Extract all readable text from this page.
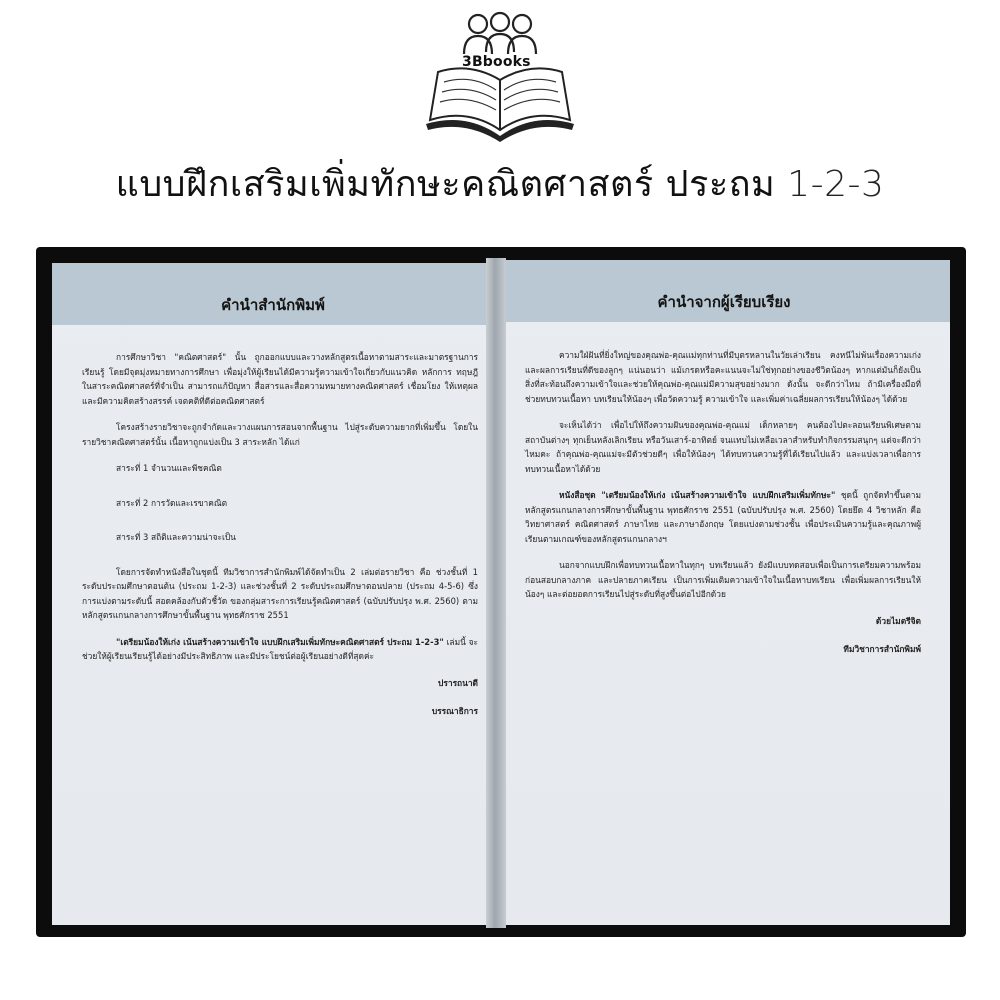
3Bbooks
แบบฝึกเสริมเพิ่มทักษะคณิตศาสตร์ ประถม 1-2-3
คำนำสำนักพิมพ์	คำนำจากผู้เรียบเรียง

การศึกษาวิชา "คณิตศาสตร์" นั้น ถูกออกแบบและวางหลักสูตรเนื้อหาตามสาระและมาตรฐานการเรียนรู้ โดยมีจุดมุ่งหมายทางการศึกษา เพื่อมุ่งให้ผู้เรียนได้มีความรู้ความเข้าใจเกี่ยวกับแนวคิด หลักการ ทฤษฎีในสาระคณิตศาสตร์ที่จำเป็น สามารถแก้ปัญหา สื่อสารและสื่อความหมายทางคณิตศาสตร์ เชื่อมโยง ให้เหตุผล และมีความคิดสร้างสรรค์ เจตคติที่ดีต่อคณิตศาสตร์

โครงสร้างรายวิชาจะถูกจำกัดและวางแผนการสอนจากพื้นฐาน ไปสู่ระดับความยากที่เพิ่มขึ้น โดยในรายวิชาคณิตศาสตร์นั้น เนื้อหาถูกแบ่งเป็น 3 สาระหลัก ได้แก่

สาระที่ 1 จำนวนและพีชคณิต

สาระที่ 2 การวัดและเรขาคณิต

สาระที่ 3 สถิติและความน่าจะเป็น

โดยการจัดทำหนังสือในชุดนี้ ทีมวิชาการสำนักพิมพ์ได้จัดทำเป็น 2 เล่มต่อรายวิชา คือ ช่วงชั้นที่ 1 ระดับประถมศึกษาตอนต้น (ประถม 1-2-3) และช่วงชั้นที่ 2 ระดับประถมศึกษาตอนปลาย (ประถม 4-5-6) ซึ่งการแบ่งตามระดับนี้ สอดคล้องกับตัวชี้วัด ของกลุ่มสาระการเรียนรู้คณิตศาสตร์ (ฉบับปรับปรุง พ.ศ. 2560) ตามหลักสูตรแกนกลางการศึกษาขั้นพื้นฐาน พุทธศักราช 2551

"เตรียมน้องให้เก่ง เน้นสร้างความเข้าใจ แบบฝึกเสริมเพิ่มทักษะคณิตศาสตร์ ประถม 1-2-3" เล่มนี้ จะช่วยให้ผู้เรียนเรียนรู้ได้อย่างมีประสิทธิภาพ และมีประโยชน์ต่อผู้เรียนอย่างดีที่สุดค่ะ

ปรารถนาดี

บรรณาธิการ

ความใฝ่ฝันที่ยิ่งใหญ่ของคุณพ่อ-คุณแม่ทุกท่านที่มีบุตรหลานในวัยเล่าเรียน คงหนีไม่พ้นเรื่องความเก่ง และผลการเรียนที่ดีของลูกๆ แน่นอนว่า แม้เกรดหรือคะแนนจะไม่ใช่ทุกอย่างของชีวิตน้องๆ หากแต่มันก็ยังเป็นสิ่งที่สะท้อนถึงความเข้าใจและช่วยให้คุณพ่อ-คุณแม่มีความสุขอย่างมาก ดังนั้น จะดีกว่าไหม ถ้ามีเครื่องมือที่ช่วยทบทวนเนื้อหา บทเรียนให้น้องๆ เพื่อวัดความรู้ ความเข้าใจ และเพิ่มค่าเฉลี่ยผลการเรียนให้น้องๆ ได้ด้วย

จะเห็นได้ว่า เพื่อไปให้ถึงความฝันของคุณพ่อ-คุณแม่ เด็กหลายๆ คนต้องไปตะลอนเรียนพิเศษตามสถาบันต่างๆ ทุกเย็นหลังเลิกเรียน หรือวันเสาร์-อาทิตย์ จนแทบไม่เหลือเวลาสำหรับทำกิจกรรมสนุกๆ แต่จะดีกว่าไหมคะ ถ้าคุณพ่อ-คุณแม่จะมีตัวช่วยดีๆ เพื่อให้น้องๆ ได้ทบทวนความรู้ที่ได้เรียนไปแล้ว และแบ่งเวลาเพื่อการทบทวนเนื้อหาได้ด้วย

หนังสือชุด "เตรียมน้องให้เก่ง เน้นสร้างความเข้าใจ แบบฝึกเสริมเพิ่มทักษะ" ชุดนี้ ถูกจัดทำขึ้นตามหลักสูตรแกนกลางการศึกษาขั้นพื้นฐาน พุทธศักราช 2551 (ฉบับปรับปรุง พ.ศ. 2560) โดยยึด 4 วิชาหลัก คือ วิทยาศาสตร์ คณิตศาสตร์ ภาษาไทย และภาษาอังกฤษ โดยแบ่งตามช่วงชั้น เพื่อประเมินความรู้และคุณภาพผู้เรียนตามเกณฑ์ของหลักสูตรแกนกลางฯ

นอกจากแบบฝึกเพื่อทบทวนเนื้อหาในทุกๆ บทเรียนแล้ว ยังมีแบบทดสอบเพื่อเป็นการเตรียมความพร้อมก่อนสอบกลางภาค และปลายภาคเรียน เป็นการเพิ่มเติมความเข้าใจในเนื้อหาบทเรียน เพื่อเพิ่มผลการเรียนให้น้องๆ และต่อยอดการเรียนไปสู่ระดับที่สูงขึ้นต่อไปอีกด้วย

ด้วยไมตรีจิต

ทีมวิชาการสำนักพิมพ์
